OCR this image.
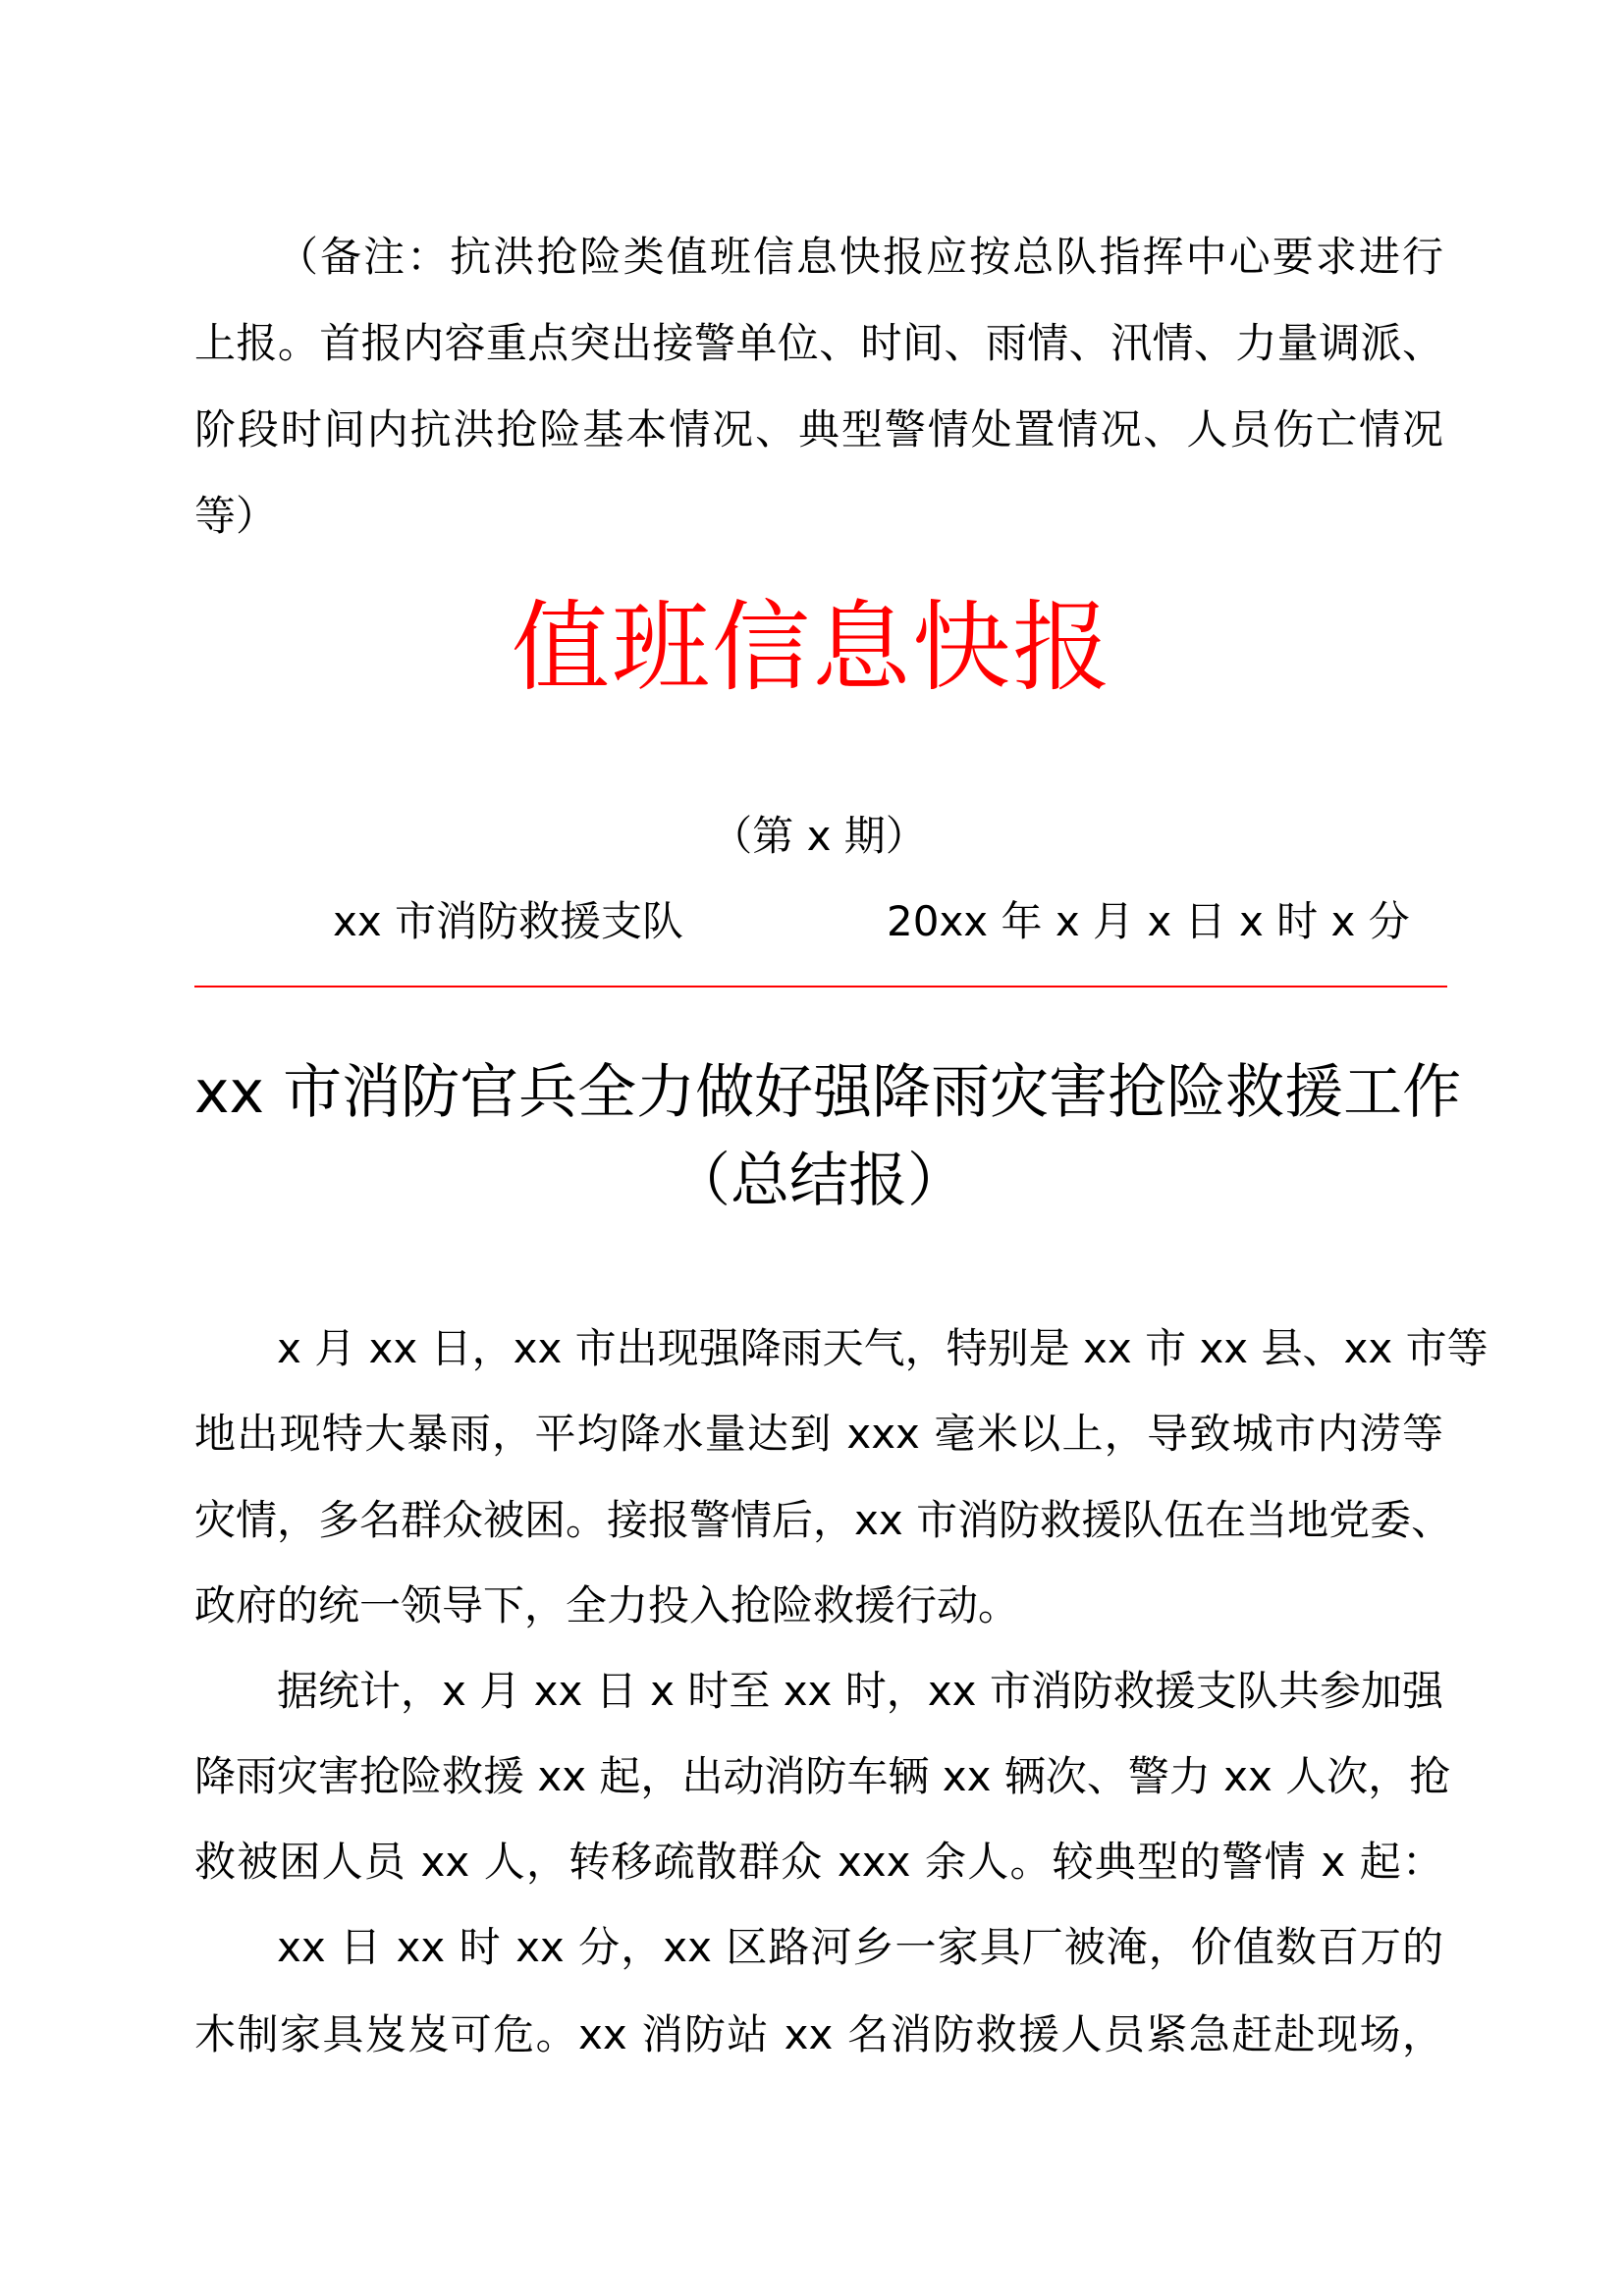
（备注：抗洪抢险类值班信息快报应按总队指挥中心要求进行
上报。首报内容重点突出接警单位、时间、雨情、汛情、力量调派、
阶段时间内抗洪抢险基本情况、典型警情处置情况、人员伤亡情况
等）
值班信息快报
（第 x 期）
xx 市消防救援支队	20xx 年 x 月 x 日 x 时 x 分
xx 市消防官兵全力做好强降雨灾害抢险救援工作
（总结报）
x 月 xx 日，xx 市出现强降雨天气，特别是 xx 市 xx 县、xx 市等
地出现特大暴雨，平均降水量达到 xxx 毫米以上，导致城市内涝等
灾情，多名群众被困。接报警情后，xx 市消防救援队伍在当地党委、
政府的统一领导下，全力投入抢险救援行动。
据统计，x 月 xx 日 x 时至 xx 时，xx 市消防救援支队共参加强
降雨灾害抢险救援 xx 起，出动消防车辆 xx 辆次、警力 xx 人次，抢
救被困人员 xx 人，转移疏散群众 xxx 余人。较典型的警情 x 起：
xx 日 xx 时 xx 分，xx 区路河乡一家具厂被淹，价值数百万的
木制家具岌岌可危。xx 消防站 xx 名消防救援人员紧急赶赴现场，
